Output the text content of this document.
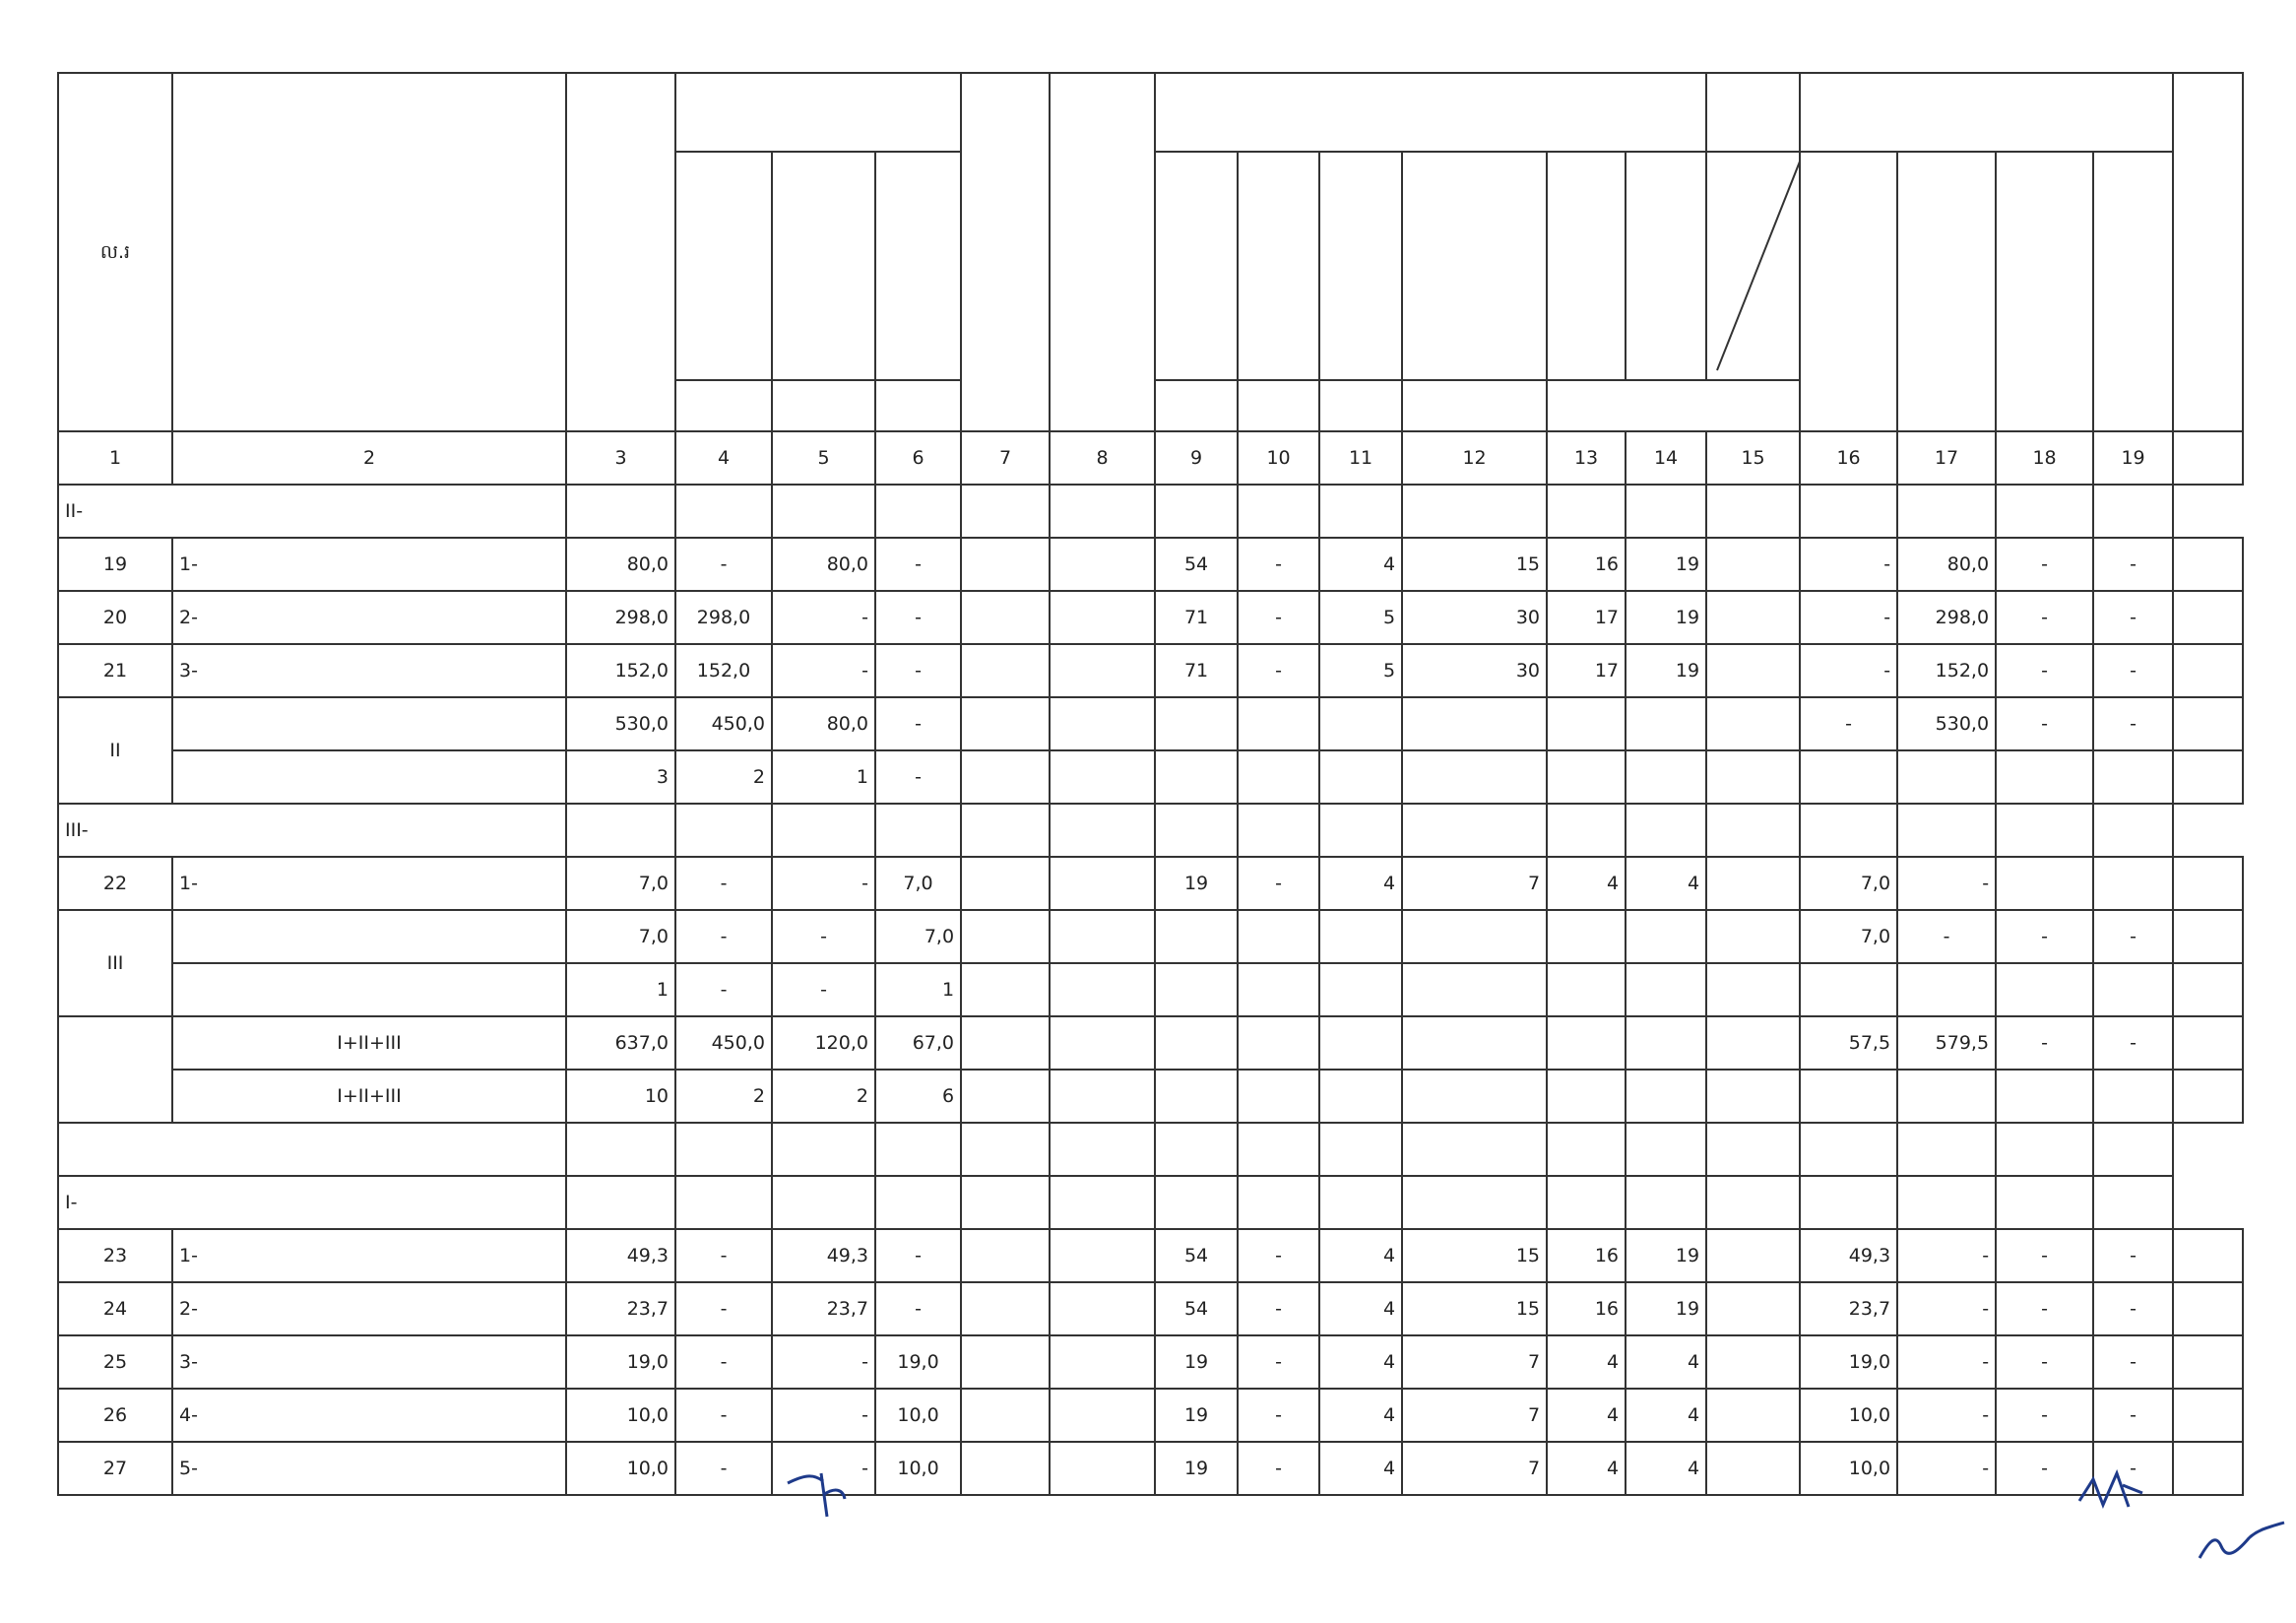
ល.រ																			

1	2	3	4	5	6	7	8	9	10	11	12	13	14	15	16	17	18	19	
II-																			
19	1-	80,0	-	80,0	-			54	-	4	15	16	19		-	80,0	-	-	
20	2-	298,0	298,0	-	-			71	-	5	30	17	19		-	298,0	-	-	
21	3-	152,0	152,0	-	-			71	-	5	30	17	19		-	152,0	-	-	
II		530,0	450,0	80,0	-										-	530,0	-	-	
		3	2	1	-														
III-																			
22	1-	7,0	-	-	7,0			19	-	4	7	4	4		7,0	-			
III		7,0	-	-	7,0										7,0	-	-	-	
		1	-	-	1														
	I+II+III	637,0	450,0	120,0	67,0										57,5	579,5	-	-	
	I+II+III	10	2	2	6														

I-																			
23	1-	49,3	-	49,3	-			54	-	4	15	16	19		49,3	-	-	-	
24	2-	23,7	-	23,7	-			54	-	4	15	16	19		23,7	-	-	-	
25	3-	19,0	-	-	19,0			19	-	4	7	4	4		19,0	-	-	-	
26	4-	10,0	-	-	10,0			19	-	4	7	4	4		10,0	-	-	-	
27	5-	10,0	-	-	10,0			19	-	4	7	4	4		10,0	-	-	-	
